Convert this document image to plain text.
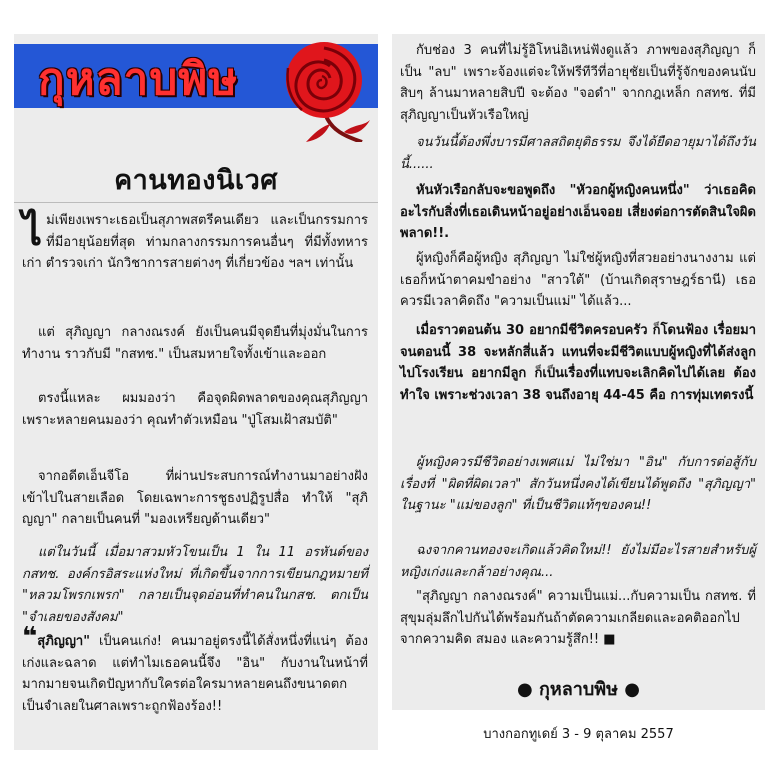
กุหลาบพิษ
คานทองนิเวศ

ไม่เพียงเพราะเธอเป็นสุภาพสตรีคนเดียว และเป็นกรรมการที่มีอายุน้อยที่สุด ท่ามกลางกรรมการคนอื่นๆ ที่มีทั้งทหารเก่า ตำรวจเก่า นักวิชาการสายต่างๆ ที่เกี่ยวข้อง ฯลฯ เท่านั้น

แต่ สุภิญญา กลางณรงค์ ยังเป็นคนมีจุดยืนที่มุ่งมั่นในการทำงาน ราวกับมี "กสทช." เป็นสมหายใจทั้งเข้าและออก

ตรงนี้แหละ ผมมองว่า คือจุดผิดพลาดของคุณสุภิญญา เพราะหลายคนมองว่า คุณทำตัวเหมือน "ปู่โสมเฝ้าสมบัติ"

จากอดีตเอ็นจีโอ ที่ผ่านประสบการณ์ทำงานมาอย่างฝังเข้าไปในสายเลือด โดยเฉพาะการชูธงปฏิรูปสื่อ ทำให้ "สุภิญญา" กลายเป็นคนที่ "มองเหรียญด้านเดียว"

แต่ในวันนี้ เมื่อมาสวมหัวโขนเป็น 1 ใน 11 อรหันต์ของ กสทช. องค์กรอิสระแห่งใหม่ ที่เกิดขึ้นจากการเขียนกฎหมายที่ "หลวมโพรกเพรก" กลายเป็นจุดอ่อนที่ทำคนในกสช. ตกเป็น "จำเลยของสังคม"

❝สุภิญญา" เป็นคนเก่ง! คนมาอยู่ตรงนี้ได้สั่งหนึ่งที่แน่ๆ ต้องเก่งและฉลาด แต่ทำไมเธอคนนี้จึง "อิน" กับงานในหน้าที่มากมายจนเกิดปัญหากับใครต่อใครมาหลายคนถึงขนาดตกเป็นจำเลยในศาลเพราะถูกฟ้องร้อง!!

กับช่อง 3 คนที่ไม่รู้อิโหน่อิเหน่ฟังดูแล้ว ภาพของสุภิญญา ก็เป็น "ลบ" เพราะจ้องแต่จะให้ฟรีทีวีที่อายุชัยเป็นที่รู้จักของคนนับสิบๆ ล้านมาหลายสิบปี จะต้อง "จอดำ" จากกฎเหล็ก กสทช. ที่มี สุภิญญาเป็นหัวเรือใหญ่

จนวันนี้ต้องพึ่งบารมีศาลสถิตยุติธรรม จึงได้ยืดอายุมาได้ถึงวันนี้......

หันหัวเรือกลับจะขอพูดถึง "หัวอกผู้หญิงคนหนึ่ง" ว่าเธอคิดอะไรกับสิ่งที่เธอเดินหน้าอยู่อย่างเอ็นจอย เสี่ยงต่อการตัดสินใจผิดพลาด!!.

ผู้หญิงก็คือผู้หญิง สุภิญญา ไม่ใช่ผู้หญิงที่สวยอย่างนางงาม แต่เธอก็หน้าตาคมขำอย่าง "สาวใต้" (บ้านเกิดสุราษฎร์ธานี) เธอควรมีเวลาคิดถึง "ความเป็นแม่" ได้แล้ว...

เมื่อราวตอนต้น 30 อยากมีชีวิตครอบครัว ก็โดนฟ้อง เรื่อยมาจนตอนนี้ 38 จะหลักสี่แล้ว แทนที่จะมีชีวิตแบบผู้หญิงที่ได้ส่งลูกไปโรงเรียน อยากมีลูก ก็เป็นเรื่องที่แทบจะเลิกคิดไปได้เลย ต้องทำใจ เพราะช่วงเวลา 38 จนถึงอายุ 44-45 คือ การทุ่มเทตรงนี้

ผู้หญิงควรมีชีวิตอย่างเพศแม่ ไม่ใช่มา "อิน" กับการต่อสู้กับเรื่องที่ "ผิดที่ผิดเวลา" สักวันหนึ่งคงได้เขียนได้พูดถึง "สุภิญญา" ในฐานะ "แม่ของลูก" ที่เป็นชีวิตแท้ๆของคน!!

ฉงจากคานทองจะเกิดแล้วคิดใหม่!! ยังไม่มีอะไรสายสำหรับผู้หญิงเก่งและกล้าอย่างคุณ...

"สุภิญญา กลางณรงค์" ความเป็นแม่...กับความเป็น กสทช. ที่สุขุมลุ่มลึกไปกันได้พร้อมกันถ้าตัดความเกลียดและอคติออกไปจากความคิด สมอง และความรู้สึก!! ■

● กุหลาบพิษ ●
บางกอกทูเดย์ 3 - 9 ตุลาคม 2557
